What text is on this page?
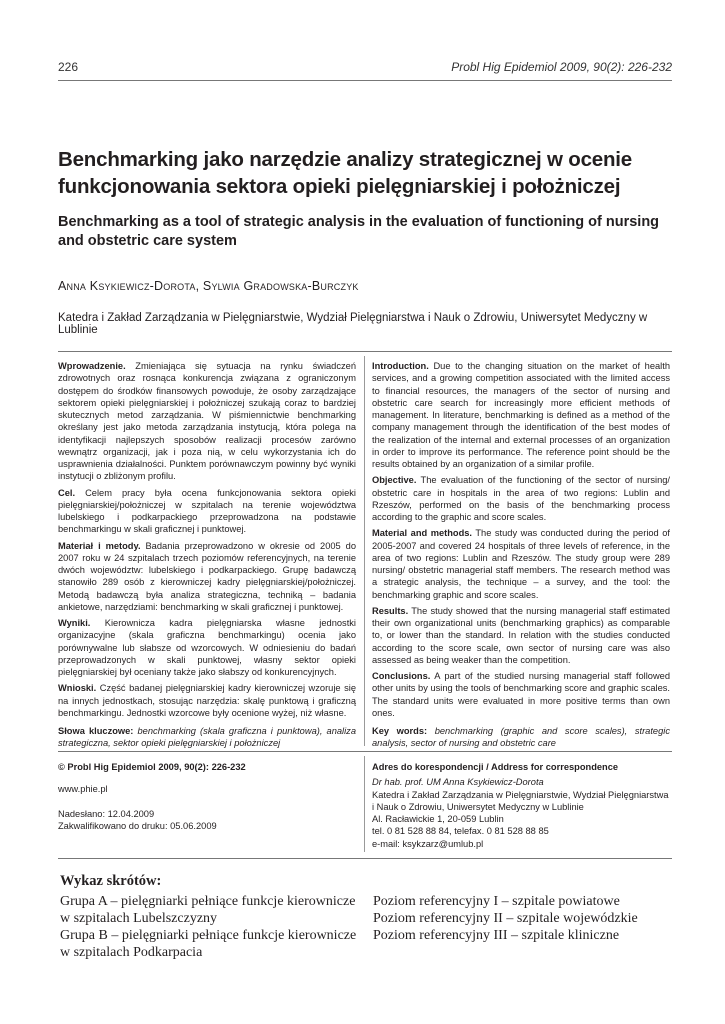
226	Probl Hig Epidemiol 2009, 90(2): 226-232
Benchmarking jako narzędzie analizy strategicznej w ocenie funkcjonowania sektora opieki pielęgniarskiej i położniczej
Benchmarking as a tool of strategic analysis in the evaluation of functioning of nursing and obstetric care system
Anna Ksykiewicz-Dorota, Sylwia Gradowska-Burczyk
Katedra i Zakład Zarządzania w Pielęgniarstwie, Wydział Pielęgniarstwa i Nauk o Zdrowiu, Uniwersytet Medyczny w Lublinie

Wprowadzenie. Zmieniająca się sytuacja na rynku świadczeń zdrowotnych oraz rosnąca konkurencja związana z ograniczonym dostępem do środków finansowych powoduje, że osoby zarządzające sektorem opieki pielęgniarskiej i położniczej szukają coraz to bardziej skutecznych metod zarządzania. W piśmiennictwie benchmarking określany jest jako metoda zarządzania instytucją, która polega na identyfikacji najlepszych sposobów realizacji procesów zarówno wewnątrz organizacji, jak i poza nią, w celu wykorzystania ich do usprawnienia działalności. Punktem porównawczym powinny być wyniki instytucji o zbliżonym profilu.

Cel. Celem pracy była ocena funkcjonowania sektora opieki pielęgniarskiej/położniczej w szpitalach na terenie województwa lubelskiego i podkarpackiego przeprowadzona na podstawie benchmarkingu w skali graficznej i punktowej.

Materiał i metody. Badania przeprowadzono w okresie od 2005 do 2007 roku w 24 szpitalach trzech poziomów referencyjnych, na terenie dwóch województw: lubelskiego i podkarpackiego. Grupę badawczą stanowiło 289 osób z kierowniczej kadry pielęgniarskiej/położniczej. Metodą badawczą była analiza strategiczna, techniką – badania ankietowe, narzędziami: benchmarking w skali graficznej i punktowej.

Wyniki. Kierownicza kadra pielęgniarska własne jednostki organizacyjne (skala graficzna benchmarkingu) ocenia jako porównywalne lub słabsze od wzorcowych. W odniesieniu do badań przeprowadzonych w skali punktowej, własny sektor opieki pielęgniarskiej był oceniany także jako słabszy od konkurencyjnych.

Wnioski. Część badanej pielęgniarskiej kadry kierowniczej wzoruje się na innych jednostkach, stosując narzędzia: skalę punktową i graficzną benchmarkingu. Jednostki wzorcowe były ocenione wyżej, niż własne.

Słowa kluczowe: benchmarking (skala graficzna i punktowa), analiza strategiczna, sektor opieki pielęgniarskiej i położniczej

Introduction. Due to the changing situation on the market of health services, and a growing competition associated with the limited access to financial resources, the managers of the sector of nursing and obstetric care search for increasingly more efficient methods of management. In literature, benchmarking is defined as a method of the company management through the identification of the best modes of the realization of the internal and external processes of an organization in order to improve its performance. The reference point should be the results obtained by an organization of a similar profile.

Objective. The evaluation of the functioning of the sector of nursing/ obstetric care in hospitals in the area of two regions: Lublin and Rzeszów, performed on the basis of the benchmarking process according to the graphic and score scales.

Material and methods. The study was conducted during the period of 2005-2007 and covered 24 hospitals of three levels of reference, in the area of two regions: Lublin and Rzeszów. The study group were 289 nursing/ obstetric managerial staff members. The research method was a strategic analysis, the technique – a survey, and the tool: the benchmarking graphic and score scales.

Results. The study showed that the nursing managerial staff estimated their own organizational units (benchmarking graphics) as comparable to, or lower than the standard. In relation with the studies conducted according to the score scale, own sector of nursing care was also assessed as being weaker than the competition.

Conclusions. A part of the studied nursing managerial staff followed other units by using the tools of benchmarking score and graphic scales. The standard units were evaluated in more positive terms than own ones.

Key words: benchmarking (graphic and score scales), strategic analysis, sector of nursing and obstetric care

© Probl Hig Epidemiol 2009, 90(2): 226-232

www.phie.pl

Nadesłano: 12.04.2009

Zakwalifikowano do druku: 05.06.2009

Adres do korespondencji / Address for correspondence

Dr hab. prof. UM Anna Ksykiewicz-Dorota

Katedra i Zakład Zarządzania w Pielęgniarstwie, Wydział Pielęgniarstwa

i Nauk o Zdrowiu, Uniwersytet Medyczny w Lublinie

Al. Racławickie 1, 20-059 Lublin

tel. 0 81 528 88 84, telefax. 0 81 528 88 85

e-mail: ksykzarz@umlub.pl

Wykaz skrótów:
Grupa A – pielęgniarki pełniące funkcje kierownicze
w szpitalach Lubelszczyzny
Grupa B – pielęgniarki pełniące funkcje kierownicze
w szpitalach Podkarpacia
Poziom referencyjny I – szpitale powiatowe
Poziom referencyjny II – szpitale wojewódzkie
Poziom referencyjny III – szpitale kliniczne
